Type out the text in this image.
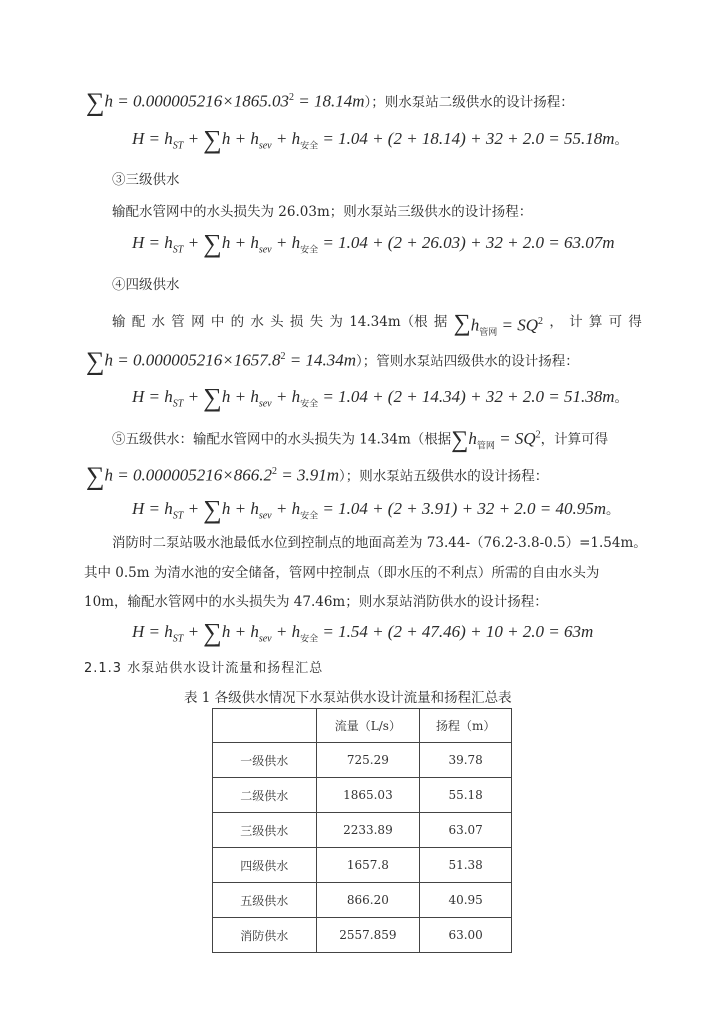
$\sum h = 0.000005216\times 1865.03^2 = 18.14m$）；则水泵站二级供水的设计扬程：
$H = h_{ST} + \sum h + h_{sev} + h_{安全} = 1.04 + (2 + 18.14) + 32 + 2.0 = 55.18m$。
③三级供水
输配水管网中的水头损失为 26.03m；则水泵站三级供水的设计扬程：
$H = h_{ST} + \sum h + h_{sev} + h_{安全} = 1.04 + (2 + 26.03) + 32 + 2.0 = 63.07m$
④四级供水
输 配 水 管 网 中 的 水 头 损 失 为 14.34m（根 据 $\sum h_{管网} = SQ^2$ ， 计 算 可 得
$\sum h = 0.000005216\times 1657.8^2 = 14.34m$）；管则水泵站四级供水的设计扬程：
$H = h_{ST} + \sum h + h_{sev} + h_{安全} = 1.04 + (2 + 14.34) + 32 + 2.0 = 51.38m$。
⑤五级供水：输配水管网中的水头损失为 14.34m（根据$\sum h_{管网} = SQ^2$，计算可得
$\sum h = 0.000005216\times 866.2^2 = 3.91m$）；则水泵站五级供水的设计扬程：
$H = h_{ST} + \sum h + h_{sev} + h_{安全} = 1.04 + (2 + 3.91) + 32 + 2.0 = 40.95m$。
消防时二泵站吸水池最低水位到控制点的地面高差为 73.44-（76.2-3.8-0.5）=1.54m。
其中 0.5m 为清水池的安全储备，管网中控制点（即水压的不利点）所需的自由水头为
10m，输配水管网中的水头损失为 47.46m；则水泵站消防供水的设计扬程：
$H = h_{ST} + \sum h + h_{sev} + h_{安全} = 1.54 + (2 + 47.46) + 10 + 2.0 = 63m$
2.1.3 水泵站供水设计流量和扬程汇总
表 1 各级供水情况下水泵站供水设计流量和扬程汇总表
	流量（L/s）	扬程（m）
一级供水	725.29	39.78
二级供水	1865.03	55.18
三级供水	2233.89	63.07
四级供水	1657.8	51.38
五级供水	866.20	40.95
消防供水	2557.859	63.00
